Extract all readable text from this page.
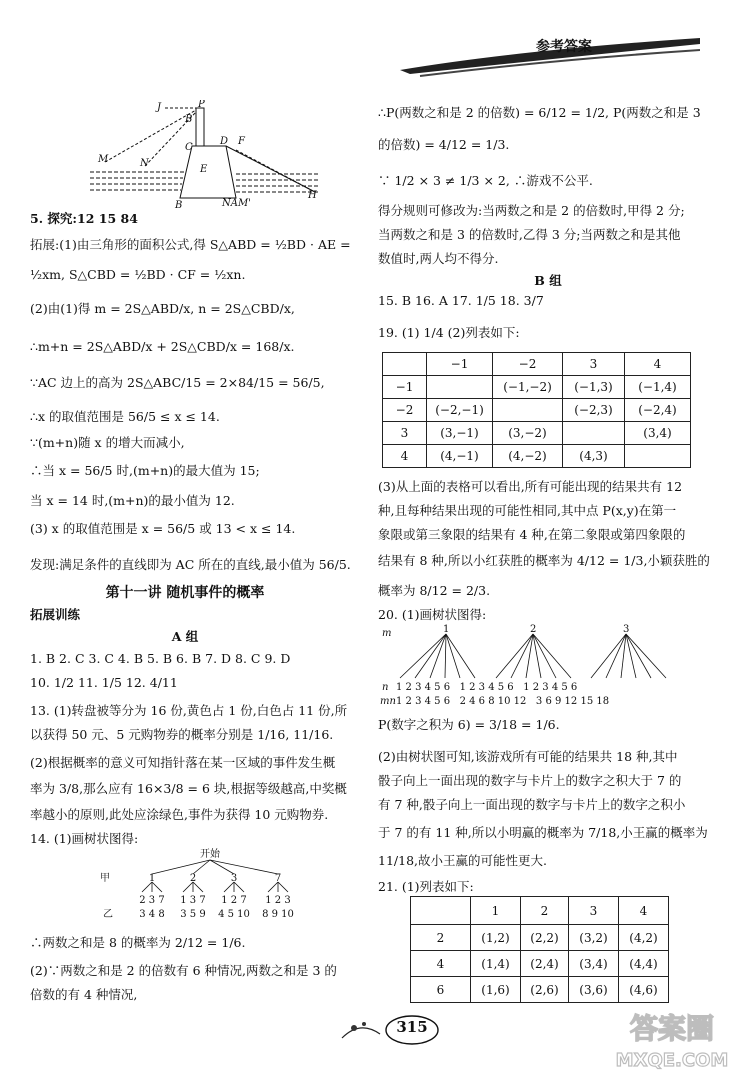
参考答案
J	P
B
C
D
M	N
E
F
H
B	NAM'
5. 探究:12 15 84
拓展:(1)由三角形的面积公式,得 S△ABD = ½BD · AE =
½xm, S△CBD = ½BD · CF = ½xn.
(2)由(1)得 m = 2S△ABD/x, n = 2S△CBD/x,
∴m+n = 2S△ABD/x + 2S△CBD/x = 168/x.
∵AC 边上的高为 2S△ABC/15 = 2×84/15 = 56/5,
∴x 的取值范围是 56/5 ≤ x ≤ 14.
∵(m+n)随 x 的增大而减小,
∴当 x = 56/5 时,(m+n)的最大值为 15;
当 x = 14 时,(m+n)的最小值为 12.
(3) x 的取值范围是 x = 56/5 或 13 < x ≤ 14.
发现:满足条件的直线即为 AC 所在的直线,最小值为 56/5.
第十一讲 随机事件的概率
拓展训练
A 组
1. B 2. C 3. C 4. B 5. B 6. B 7. D 8. C 9. D
10. 1/2 11. 1/5 12. 4/11
13. (1)转盘被等分为 16 份,黄色占 1 份,白色占 11 份,所
以获得 50 元、5 元购物券的概率分别是 1/16, 11/16.
(2)根据概率的意义可知指针落在某一区域的事件发生概
率为 3/8,那么应有 16×3/8 = 6 块,根据等级越高,中奖概
率越小的原则,此处应涂绿色,事件为获得 10 元购物券.
14. (1)画树状图得:
开始
甲	1	2	3	7
2 3 7 1 3 7 1 2 7 1 2 3
乙	3 4 8 3 5 9 4 5 10 8 9 10
∴两数之和是 8 的概率为 2/12 = 1/6.
(2)∵两数之和是 2 的倍数有 6 种情况,两数之和是 3 的
倍数的有 4 种情况,
∴P(两数之和是 2 的倍数) = 6/12 = 1/2, P(两数之和是 3
的倍数) = 4/12 = 1/3.
∵ 1/2 × 3 ≠ 1/3 × 2, ∴游戏不公平.
得分规则可修改为:当两数之和是 2 的倍数时,甲得 2 分;
当两数之和是 3 的倍数时,乙得 3 分;当两数之和是其他
数值时,两人均不得分.
B 组
15. B 16. A 17. 1/5 18. 3/7
19. (1) 1/4 (2)列表如下:
	−1	−2	3	4
−1		(−1,−2)	(−1,3)	(−1,4)
−2	(−2,−1)		(−2,3)	(−2,4)
3	(3,−1)	(3,−2)		(3,4)
4	(4,−1)	(4,−2)	(4,3)	
(3)从上面的表格可以看出,所有可能出现的结果共有 12
种,且每种结果出现的可能性相同,其中点 P(x,y)在第一
象限或第三象限的结果有 4 种,在第二象限或第四象限的
结果有 8 种,所以小红获胜的概率为 4/12 = 1/3,小颖获胜的
概率为 8/12 = 2/3.
20. (1)画树状图得:
m	1	2	3
n 1 2 3 4 5 6   1 2 3 4 5 6   1 2 3 4 5 6
mn 1 2 3 4 5 6   2 4 6 8 10 12   3 6 9 12 15 18
P(数字之积为 6) = 3/18 = 1/6.
(2)由树状图可知,该游戏所有可能的结果共 18 种,其中
骰子向上一面出现的数字与卡片上的数字之积大于 7 的
有 7 种,骰子向上一面出现的数字与卡片上的数字之积小
于 7 的有 11 种,所以小明赢的概率为 7/18,小王赢的概率为
11/18,故小王赢的可能性更大.
21. (1)列表如下:
	1	2	3	4
2	(1,2)	(2,2)	(3,2)	(4,2)
4	(1,4)	(2,4)	(3,4)	(4,4)
6	(1,6)	(2,6)	(3,6)	(4,6)
315	答案圈
MXQE.COM
